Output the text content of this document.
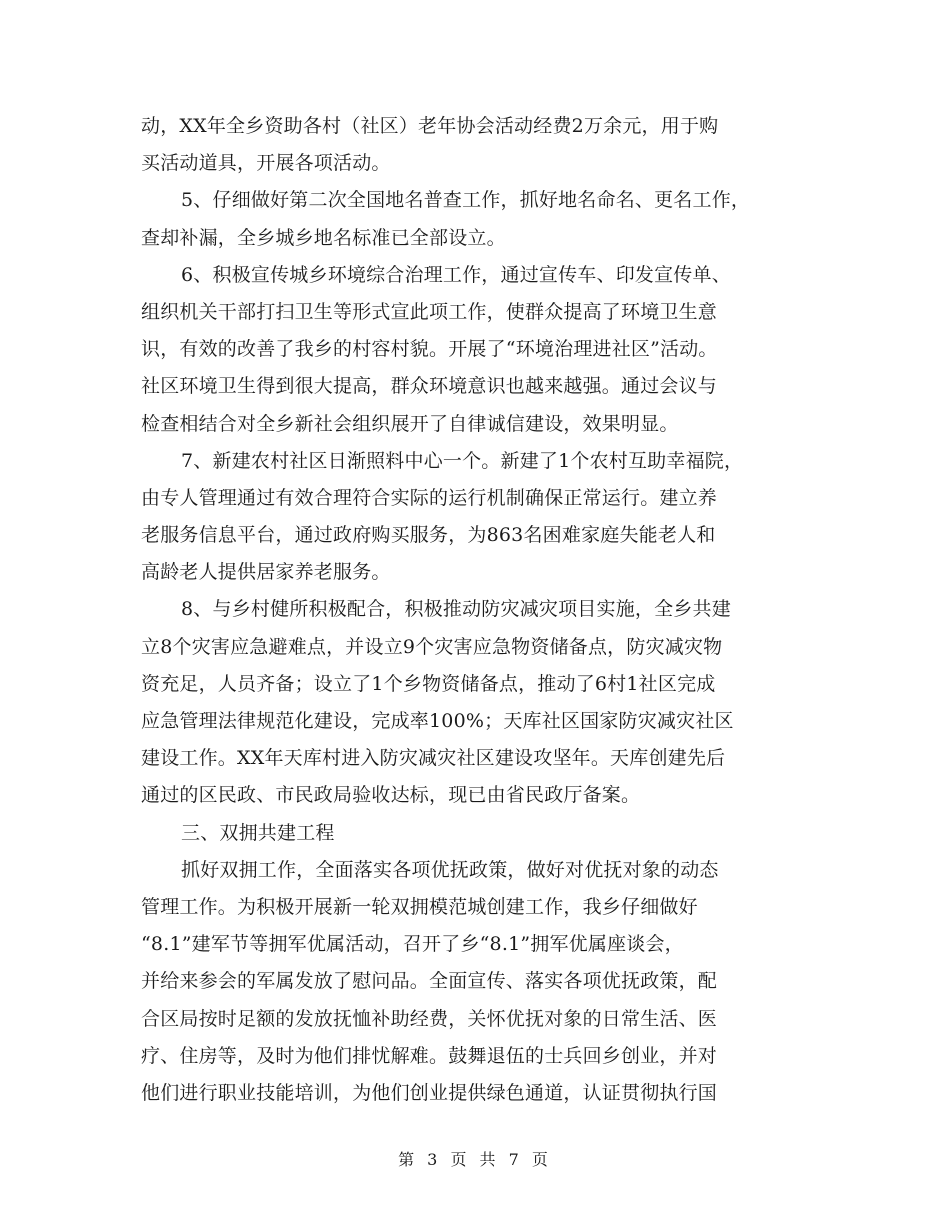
动，XX年全乡资助各村（社区）老年协会活动经费2万余元，用于购
买活动道具，开展各项活动。
5、仔细做好第二次全国地名普查工作，抓好地名命名、更名工作，
查却补漏，全乡城乡地名标准已全部设立。
6、积极宣传城乡环境综合治理工作，通过宣传车、印发宣传单、
组织机关干部打扫卫生等形式宣此项工作，使群众提高了环境卫生意
识，有效的改善了我乡的村容村貌。开展了“环境治理进社区”活动。
社区环境卫生得到很大提高，群众环境意识也越来越强。通过会议与
检查相结合对全乡新社会组织展开了自律诚信建设，效果明显。
7、新建农村社区日渐照料中心一个。新建了1个农村互助幸福院，
由专人管理通过有效合理符合实际的运行机制确保正常运行。建立养
老服务信息平台，通过政府购买服务，为863名困难家庭失能老人和
高龄老人提供居家养老服务。
8、与乡村健所积极配合，积极推动防灾减灾项目实施，全乡共建
立8个灾害应急避难点，并设立9个灾害应急物资储备点，防灾减灾物
资充足，人员齐备；设立了1个乡物资储备点，推动了6村1社区完成
应急管理法律规范化建设，完成率100%；天库社区国家防灾减灾社区
建设工作。XX年天库村进入防灾减灾社区建设攻坚年。天库创建先后
通过的区民政、市民政局验收达标，现已由省民政厅备案。
三、双拥共建工程
抓好双拥工作，全面落实各项优抚政策，做好对优抚对象的动态
管理工作。为积极开展新一轮双拥模范城创建工作，我乡仔细做好
“8.1”建军节等拥军优属活动，召开了乡“8.1”拥军优属座谈会，
并给来参会的军属发放了慰问品。全面宣传、落实各项优抚政策，配
合区局按时足额的发放抚恤补助经费，关怀优抚对象的日常生活、医
疗、住房等，及时为他们排忧解难。鼓舞退伍的士兵回乡创业，并对
他们进行职业技能培训，为他们创业提供绿色通道，认证贯彻执行国
第 3 页 共 7 页
